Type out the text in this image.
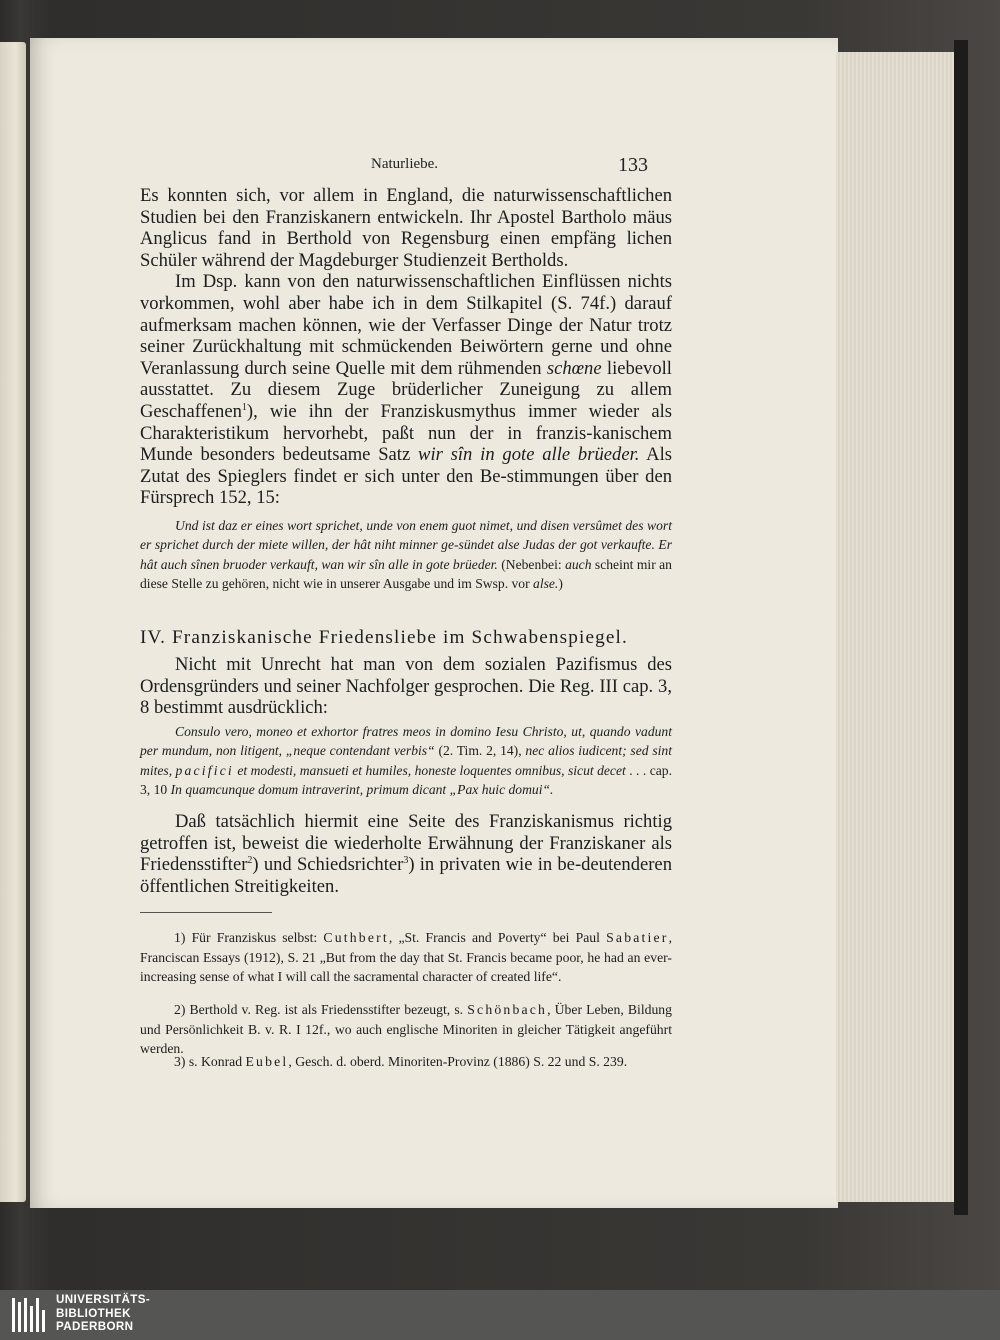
Naturliebe.	133

Es konnten sich, vor allem in England, die naturwissenschaftlichen Studien bei den Franziskanern entwickeln. Ihr Apostel Bartholo mäus Anglicus fand in Berthold von Regensburg einen empfäng lichen Schüler während der Magdeburger Studienzeit Bertholds.

Im Dsp. kann von den naturwissenschaftlichen Einflüssen nichts vorkommen, wohl aber habe ich in dem Stilkapitel (S. 74f.) darauf aufmerksam machen können, wie der Verfasser Dinge der Natur trotz seiner Zurückhaltung mit schmückenden Beiwörtern gerne und ohne Veranlassung durch seine Quelle mit dem rühmenden schœne liebevoll ausstattet. Zu diesem Zuge brüderlicher Zuneigung zu allem Geschaffenen$^1$), wie ihn der Franziskusmythus immer wieder als Charakteristikum hervorhebt, paßt nun der in franzis-kanischem Munde besonders bedeutsame Satz wir sîn in gote alle brüeder. Als Zutat des Spieglers findet er sich unter den Be-stimmungen über den Fürsprech 152, 15:

Und ist daz er eines wort sprichet, unde von enem guot nimet, und disen versûmet des wort er sprichet durch der miete willen, der hât niht minner ge-sündet alse Judas der got verkaufte. Er hât auch sînen bruoder verkauft, wan wir sîn alle in gote brüeder. (Nebenbei: auch scheint mir an diese Stelle zu gehören, nicht wie in unserer Ausgabe und im Swsp. vor alse.)

IV. Franziskanische Friedensliebe im Schwabenspiegel.

Nicht mit Unrecht hat man von dem sozialen Pazifismus des Ordensgründers und seiner Nachfolger gesprochen. Die Reg. III cap. 3, 8 bestimmt ausdrücklich:

Consulo vero, moneo et exhortor fratres meos in domino Iesu Christo, ut, quando vadunt per mundum, non litigent, „neque contendant verbis“ (2. Tim. 2, 14), nec alios iudicent; sed sint mites, pacifici et modesti, mansueti et humiles, honeste loquentes omnibus, sicut decet . . . cap. 3, 10 In quamcunque domum intraverint, primum dicant „Pax huic domui“.

Daß tatsächlich hiermit eine Seite des Franziskanismus richtig getroffen ist, beweist die wiederholte Erwähnung der Franziskaner als Friedensstifter$^2$) und Schiedsrichter$^3$) in privaten wie in be-deutenderen öffentlichen Streitigkeiten.

1) Für Franziskus selbst: Cuthbert, „St. Francis and Poverty“ bei Paul Sabatier, Franciscan Essays (1912), S. 21 „But from the day that St. Francis became poor, he had an ever-increasing sense of what I will call the sacramental character of created life“.

2) Berthold v. Reg. ist als Friedensstifter bezeugt, s. Schönbach, Über Leben, Bildung und Persönlichkeit B. v. R. I 12f., wo auch englische Minoriten in gleicher Tätigkeit angeführt werden.

3) s. Konrad Eubel, Gesch. d. oberd. Minoriten-Provinz (1886) S. 22 und S. 239.

UNIVERSITÄTS-
BIBLIOTHEK
PADERBORN
